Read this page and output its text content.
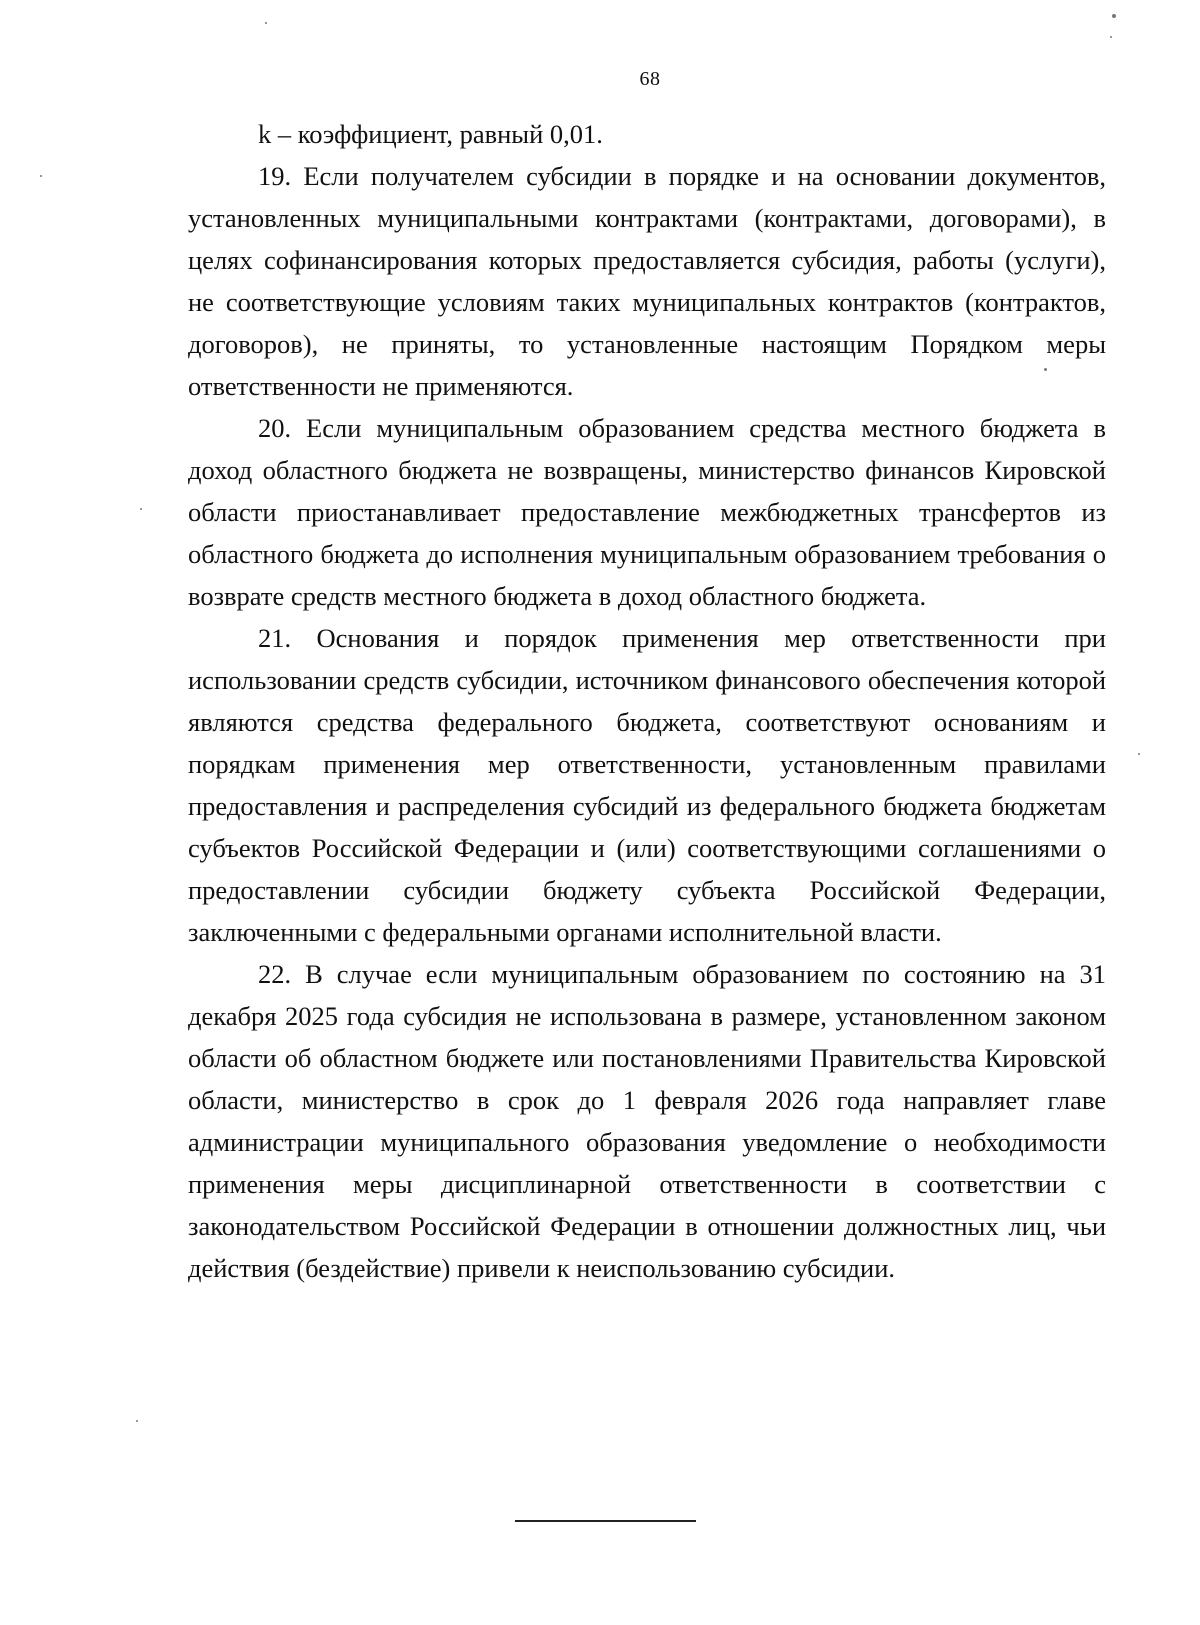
68

k – коэффициент, равный 0,01.

19. Если получателем субсидии в порядке и на основании документов, установленных муниципальными контрактами (контрактами, договорами), в целях софинансирования которых предоставляется субсидия, работы (услуги), не соответствующие условиям таких муниципальных контрактов (контрактов, договоров), не приняты, то установленные настоящим Порядком меры ответственности не применяются.

20. Если муниципальным образованием средства местного бюджета в доход областного бюджета не возвращены, министерство финансов Кировской области приостанавливает предоставление межбюджетных трансфертов из областного бюджета до исполнения муниципальным образованием требования о возврате средств местного бюджета в доход областного бюджета.

21. Основания и порядок применения мер ответственности при использовании средств субсидии, источником финансового обеспечения которой являются средства федерального бюджета, соответствуют основаниям и порядкам применения мер ответственности, установленным правилами предоставления и распределения субсидий из федерального бюджета бюджетам субъектов Российской Федерации и (или) соответствующими соглашениями о предоставлении субсидии бюджету субъекта Российской Федерации, заключенными с федеральными органами исполнительной власти.

22. В случае если муниципальным образованием по состоянию на 31 декабря 2025 года субсидия не использована в размере, установленном законом области об областном бюджете или постановлениями Правительства Кировской области, министерство в срок до 1 февраля 2026 года направляет главе администрации муниципального образования уведомление о необходимости применения меры дисциплинарной ответственности в соответствии с законодательством Российской Федерации в отношении должностных лиц, чьи действия (бездействие) привели к неиспользованию субсидии.
